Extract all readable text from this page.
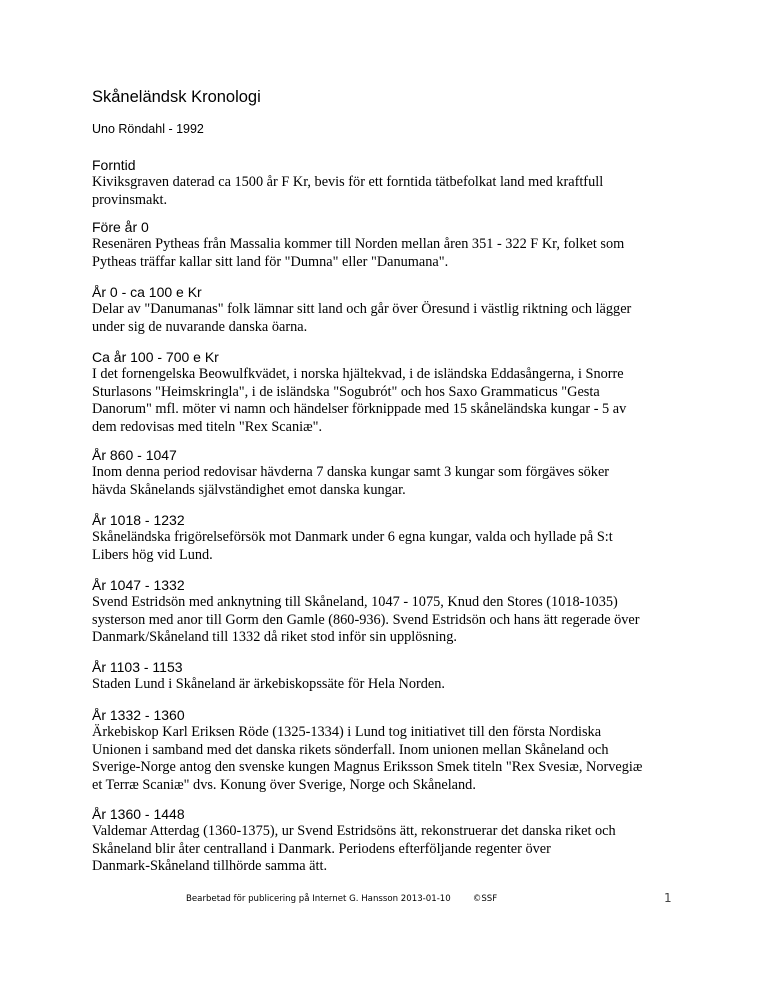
Skåneländsk Kronologi
Uno Röndahl - 1992
Forntid

Kiviksgraven daterad ca 1500 år F Kr, bevis för ett forntida tätbefolkat land med kraftfull
provinsmakt.

Före år 0

Resenären Pytheas från Massalia kommer till Norden mellan åren 351 - 322 F Kr, folket som
Pytheas träffar kallar sitt land för "Dumna" eller "Danumana".

År 0 - ca 100 e Kr

Delar av "Danumanas" folk lämnar sitt land och går över Öresund i västlig riktning och lägger
under sig de nuvarande danska öarna.

Ca år 100 - 700 e Kr

I det fornengelska Beowulfkvädet, i norska hjältekvad, i de isländska Eddasångerna, i Snorre
Sturlasons "Heimskringla", i de isländska "Sogubrót" och hos Saxo Grammaticus "Gesta
Danorum" mfl. möter vi namn och händelser förknippade med 15 skåneländska kungar - 5 av
dem redovisas med titeln "Rex Scaniæ".

År 860 - 1047

Inom denna period redovisar hävderna 7 danska kungar samt 3 kungar som förgäves söker
hävda Skånelands självständighet emot danska kungar.

År 1018 - 1232

Skåneländska frigörelseförsök mot Danmark under 6 egna kungar, valda och hyllade på S:t
Libers hög vid Lund.

År 1047 - 1332

Svend Estridsön med anknytning till Skåneland, 1047 - 1075, Knud den Stores (1018-1035)
systerson med anor till Gorm den Gamle (860-936). Svend Estridsön och hans ätt regerade över
Danmark/Skåneland till 1332 då riket stod inför sin upplösning.

År 1103 - 1153

Staden Lund i Skåneland är ärkebiskopssäte för Hela Norden.

År 1332 - 1360

Ärkebiskop Karl Eriksen Röde (1325-1334) i Lund tog initiativet till den första Nordiska
Unionen i samband med det danska rikets sönderfall. Inom unionen mellan Skåneland och
Sverige-Norge antog den svenske kungen Magnus Eriksson Smek titeln "Rex Svesiæ, Norvegiæ
et Terræ Scaniæ" dvs. Konung över Sverige, Norge och Skåneland.

År 1360 - 1448

Valdemar Atterdag (1360-1375), ur Svend Estridsöns ätt, rekonstruerar det danska riket och
Skåneland blir åter centralland i Danmark. Periodens efterföljande regenter över
Danmark-Skåneland tillhörde samma ätt.

Bearbetad för publicering på Internet G. Hansson 2013-01-10	©SSF	1
